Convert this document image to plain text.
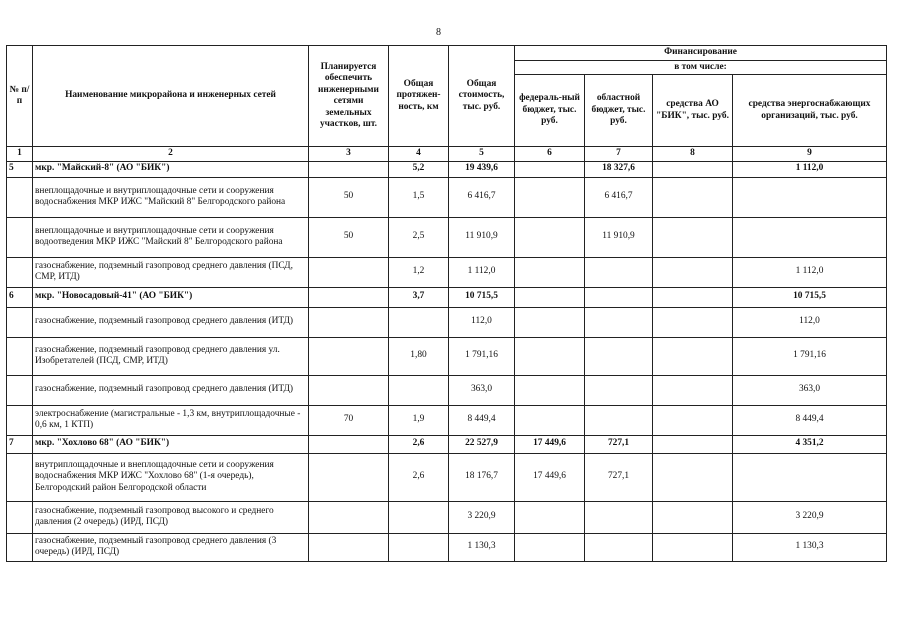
8
№ п/п	Наименование микрорайона и инженерных сетей	Планируется обеспечить инженерными сетями земельных участков, шт.	Общая протяжен-ность, км	Общая стоимость, тыс. руб.	Финансирование			
					в том числе:			
					федераль-ный бюджет, тыс. руб.	областной бюджет, тыс. руб.	средства АО "БИК", тыс. руб.	средства энергоснабжающих организаций, тыс. руб.
1	2	3	4	5	6	7	8	9
5	мкр. "Майский-8" (АО "БИК")		5,2	19 439,6		18 327,6		1 112,0
	внеплощадочные и внутриплощадочные сети и сооружения водоснабжения МКР ИЖС "Майский 8" Белгородского района	50	1,5	6 416,7		6 416,7		
	внеплощадочные и внутриплощадочные сети и сооружения водоотведения МКР ИЖС "Майский 8" Белгородского района	50	2,5	11 910,9		11 910,9		
	газоснабжение, подземный газопровод среднего давления (ПСД, СМР, ИТД)		1,2	1 112,0				1 112,0
6	мкр. "Новосадовый-41" (АО "БИК")		3,7	10 715,5				10 715,5
	газоснабжение, подземный газопровод среднего давления (ИТД)			112,0				112,0
	газоснабжение, подземный газопровод среднего давления ул. Изобретателей (ПСД, СМР, ИТД)		1,80	1 791,16				1 791,16
	газоснабжение, подземный газопровод среднего давления (ИТД)			363,0				363,0
	электроснабжение (магистральные - 1,3 км, внутриплощадочные - 0,6 км, 1 КТП)	70	1,9	8 449,4				8 449,4
7	мкр. "Хохлово 68" (АО "БИК")		2,6	22 527,9	17 449,6	727,1		4 351,2
	внутриплощадочные и внеплощадочные сети и сооружения водоснабжения МКР ИЖС "Хохлово 68" (1-я очередь), Белгородский район Белгородской области		2,6	18 176,7	17 449,6	727,1		
	газоснабжение, подземный газопровод высокого и среднего давления (2 очередь) (ИРД, ПСД)			3 220,9				3 220,9
	газоснабжение, подземный газопровод среднего давления (3 очередь) (ИРД, ПСД)			1 130,3				1 130,3
